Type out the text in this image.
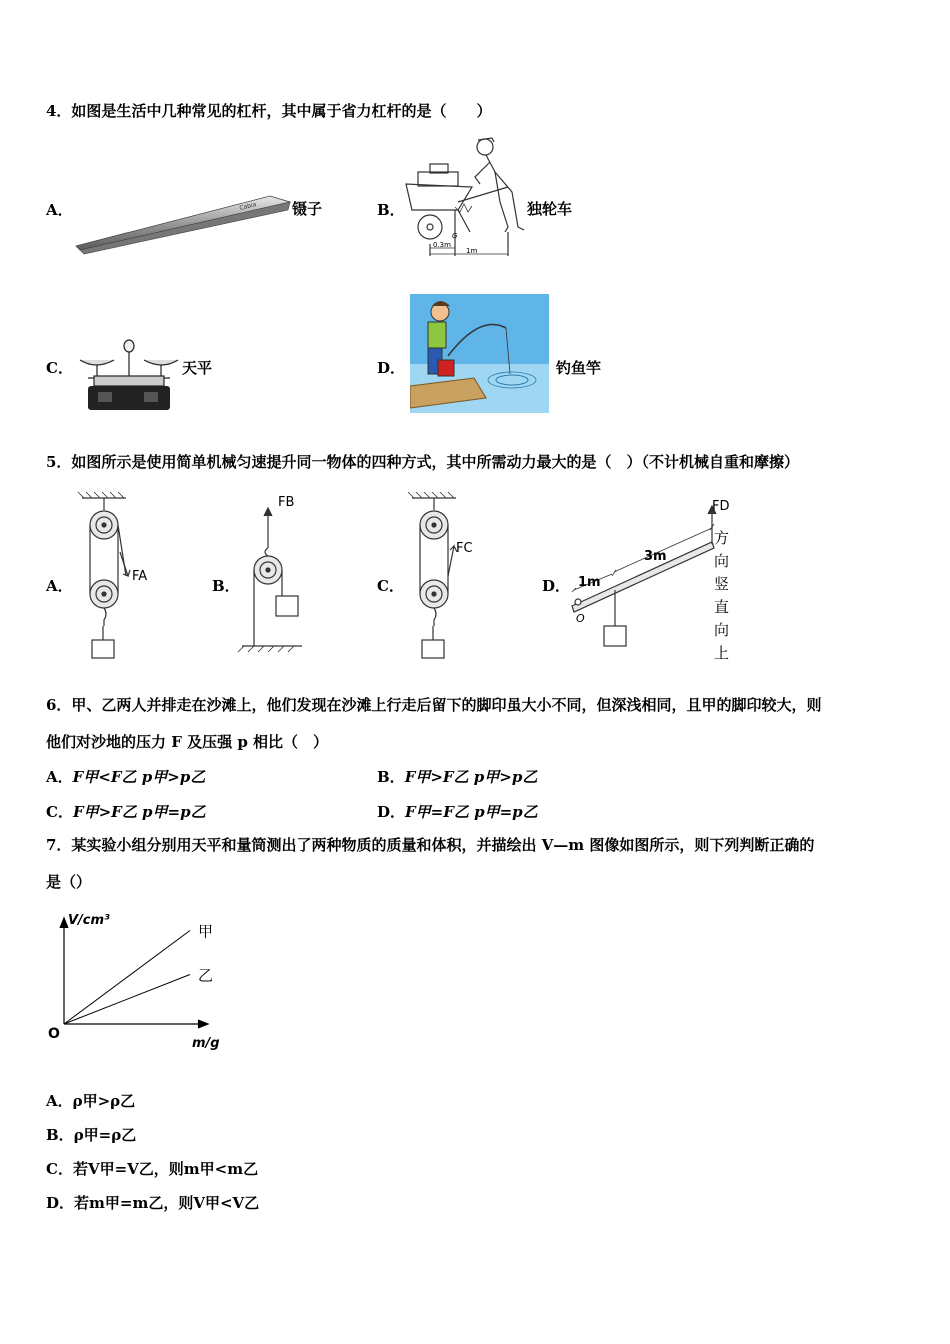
4．如图是生活中几种常见的杠杆，其中属于省力杠杆的是（　　）
A．	Cabia 镊子	B．
G
0.3m
1m
独轮车
C．	天平	D．	钓鱼竿
5．如图所示是使用简单机械匀速提升同一物体的四种方式，其中所需动力最大的是（　）（不计机械自重和摩擦）
A．
FA
B．
FB
C．
FC
D． 1m
3m
O
FD
方向竖直向上
6．甲、乙两人并排走在沙滩上，他们发现在沙滩上行走后留下的脚印虽大小不同，但深浅相同，且甲的脚印较大，则
他们对沙地的压力 F 及压强 p 相比（　）
A．F甲<F乙 p甲>p乙	B．F甲>F乙 p甲>p乙
C．F甲>F乙 p甲=p乙	D．F甲=F乙 p甲=p乙
7．某实验小组分别用天平和量筒测出了两种物质的质量和体积，并描绘出 V—m 图像如图所示，则下列判断正确的
是（）
V/cm³
m/g
O
甲
乙
A．ρ甲>ρ乙
B．ρ甲=ρ乙
C．若V甲=V乙，则m甲<m乙
D．若m甲=m乙，则V甲<V乙
